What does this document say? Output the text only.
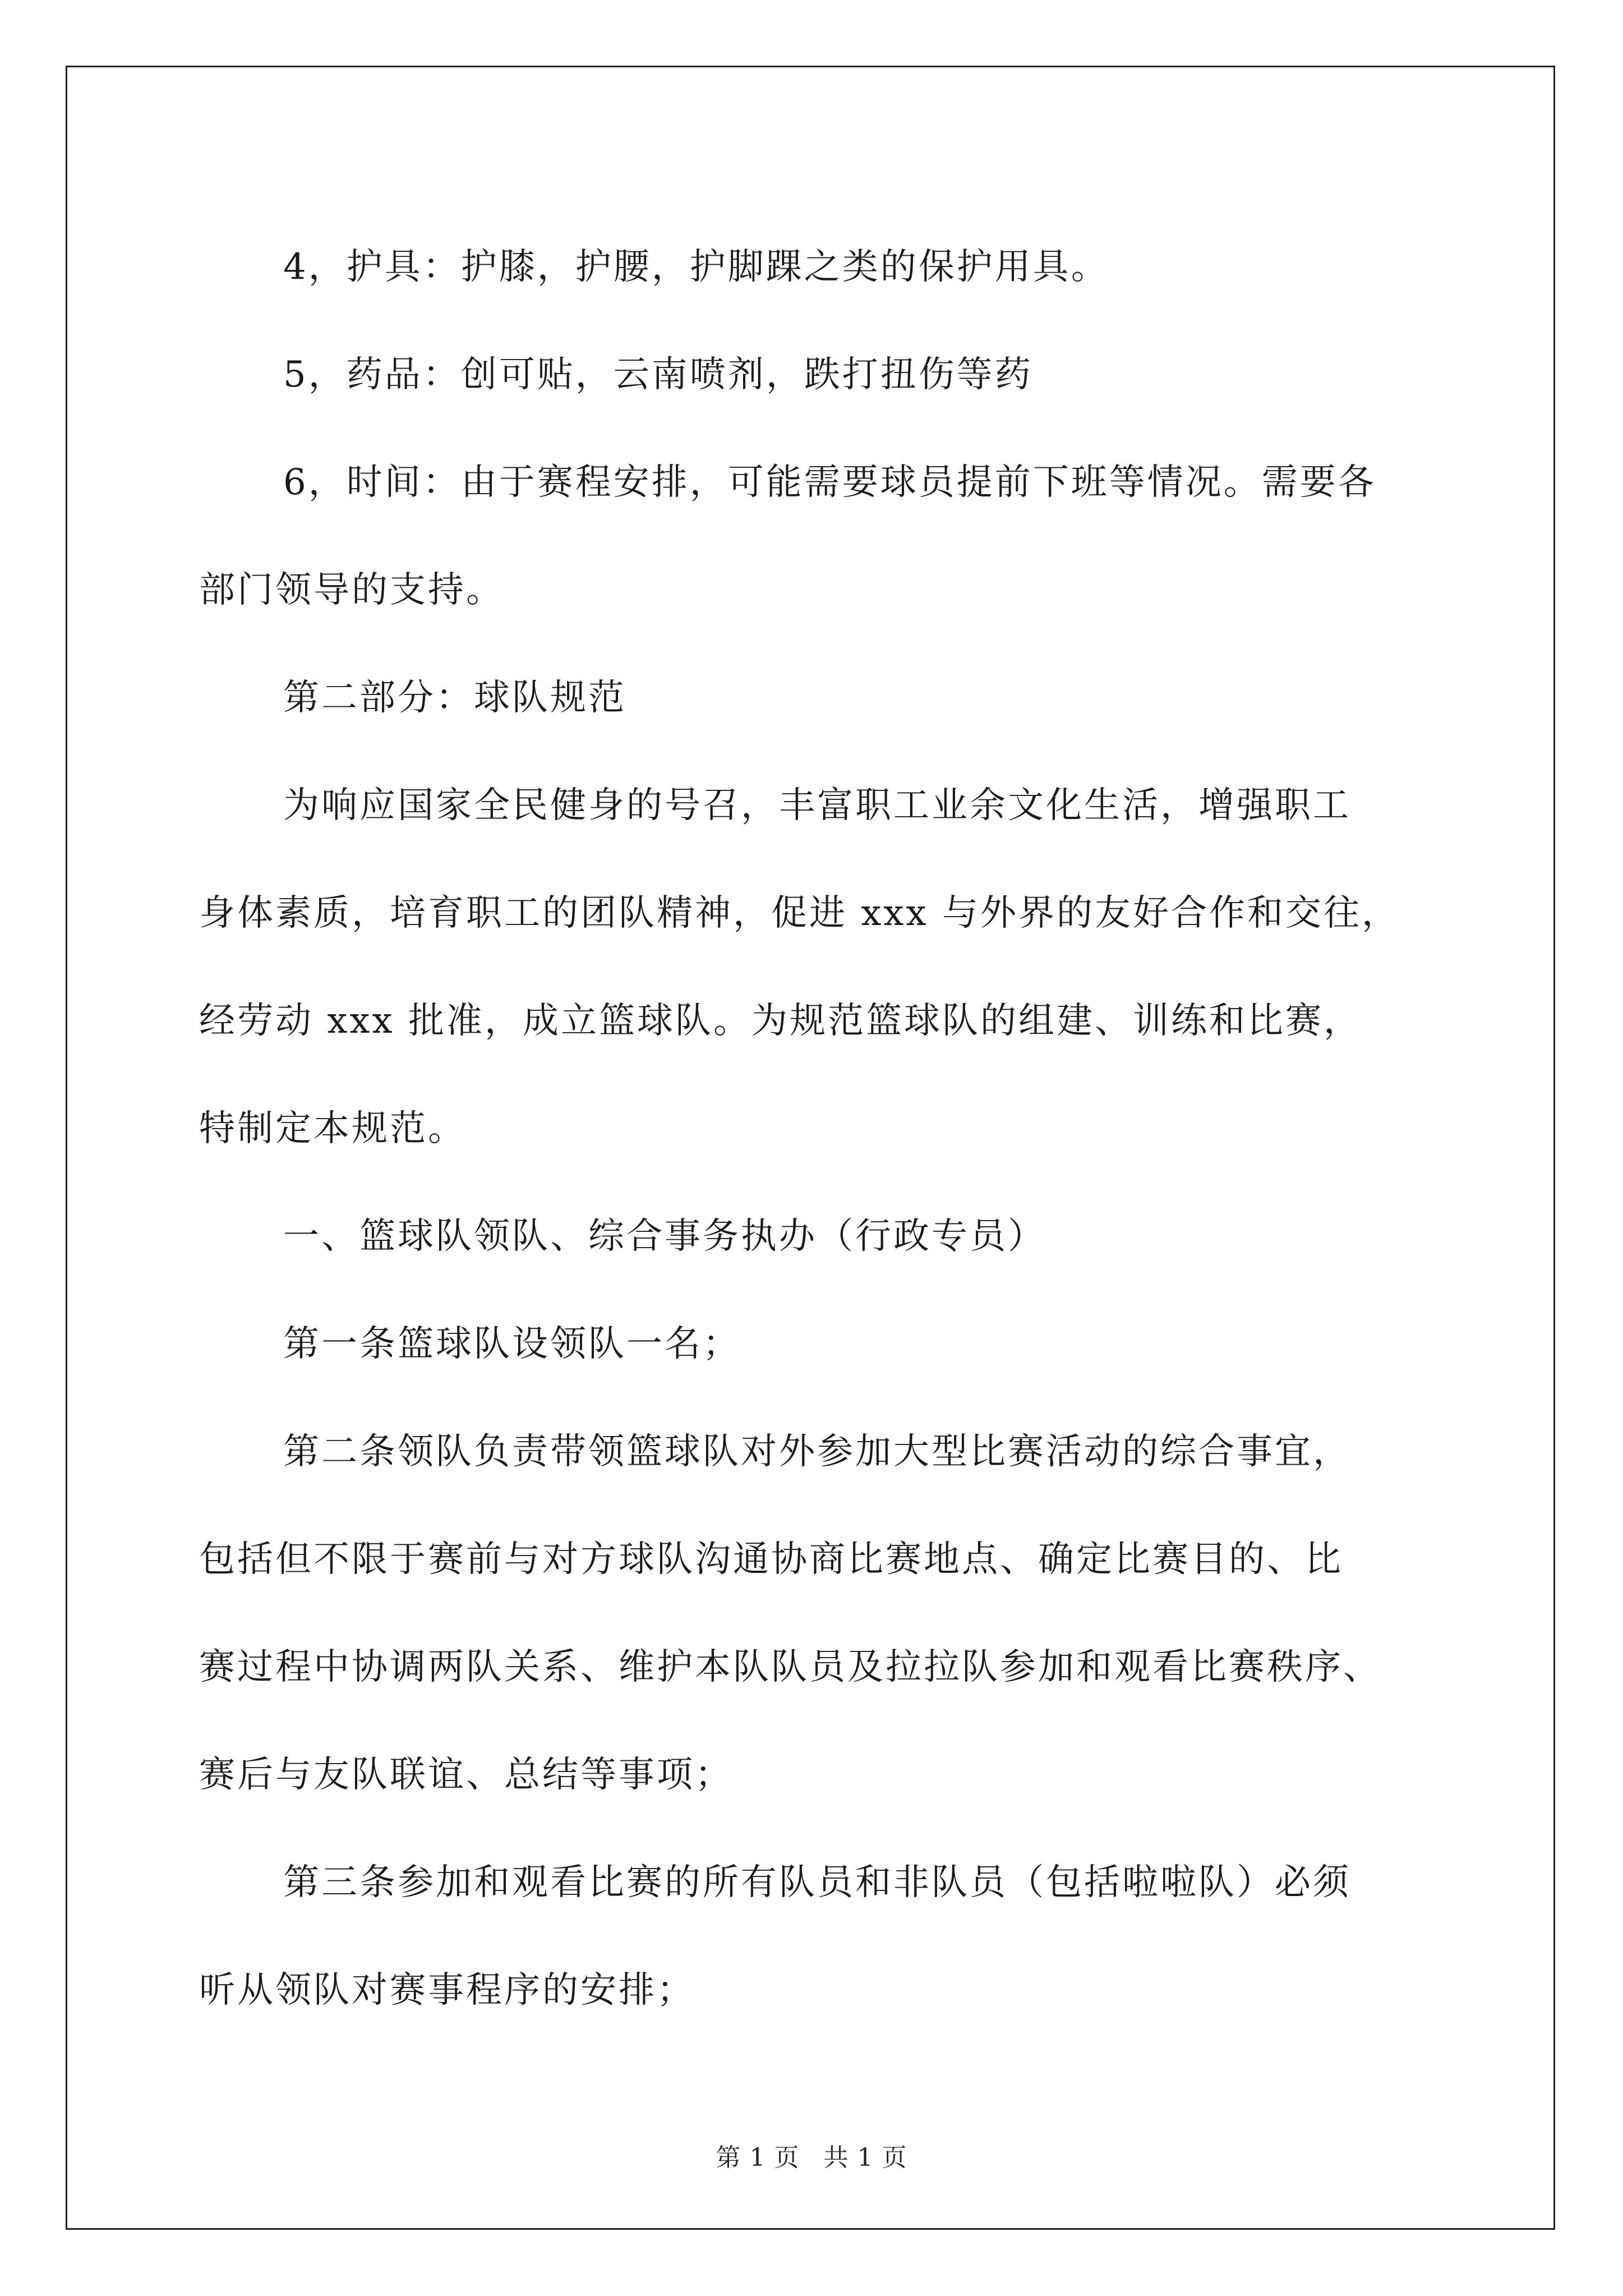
4，护具：护膝，护腰，护脚踝之类的保护用具。
5，药品：创可贴，云南喷剂，跌打扭伤等药
6，时间：由于赛程安排，可能需要球员提前下班等情况。需要各
部门领导的支持。
第二部分：球队规范
为响应国家全民健身的号召，丰富职工业余文化生活，增强职工
身体素质，培育职工的团队精神，促进 xxx 与外界的友好合作和交往，
经劳动 xxx 批准，成立篮球队。为规范篮球队的组建、训练和比赛，
特制定本规范。
一、篮球队领队、综合事务执办（行政专员）
第一条篮球队设领队一名；
第二条领队负责带领篮球队对外参加大型比赛活动的综合事宜，
包括但不限于赛前与对方球队沟通协商比赛地点、确定比赛目的、比
赛过程中协调两队关系、维护本队队员及拉拉队参加和观看比赛秩序、
赛后与友队联谊、总结等事项；
第三条参加和观看比赛的所有队员和非队员（包括啦啦队）必须
听从领队对赛事程序的安排；
第 1 页 共 1 页
